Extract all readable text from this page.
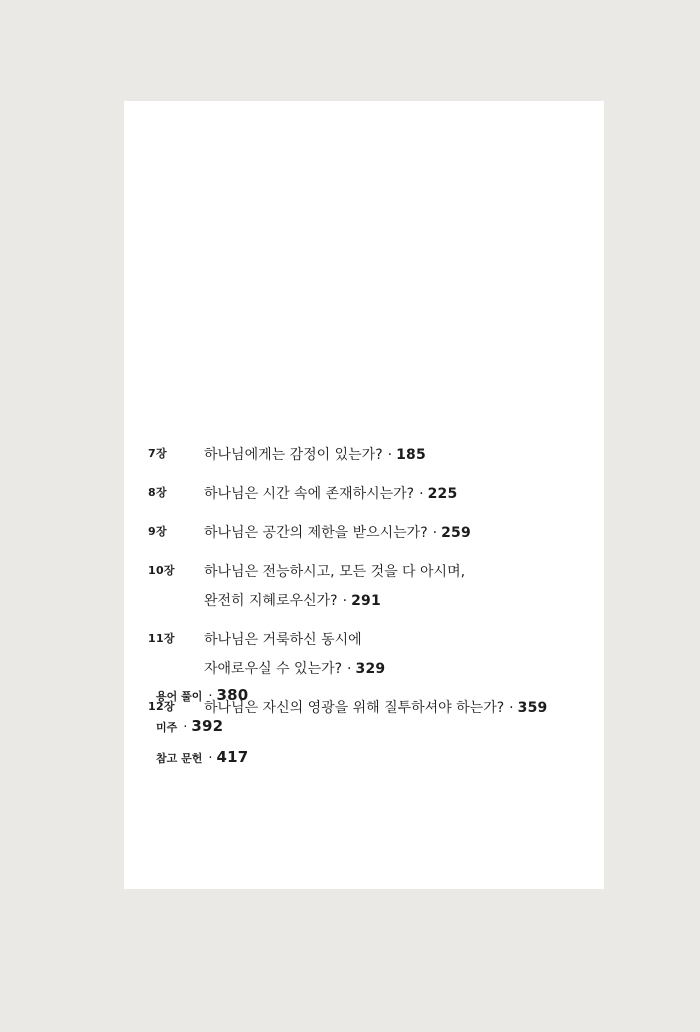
7장	하나님에게는 감정이 있는가? · 185
8장	하나님은 시간 속에 존재하시는가? · 225
9장	하나님은 공간의 제한을 받으시는가? · 259
10장	하나님은 전능하시고, 모든 것을 다 아시며,
완전히 지혜로우신가? · 291
11장	하나님은 거룩하신 동시에
자애로우실 수 있는가? · 329
12장	하나님은 자신의 영광을 위해 질투하셔야 하는가? · 359
용어 풀이 · 380
미주 · 392
참고 문헌 · 417
